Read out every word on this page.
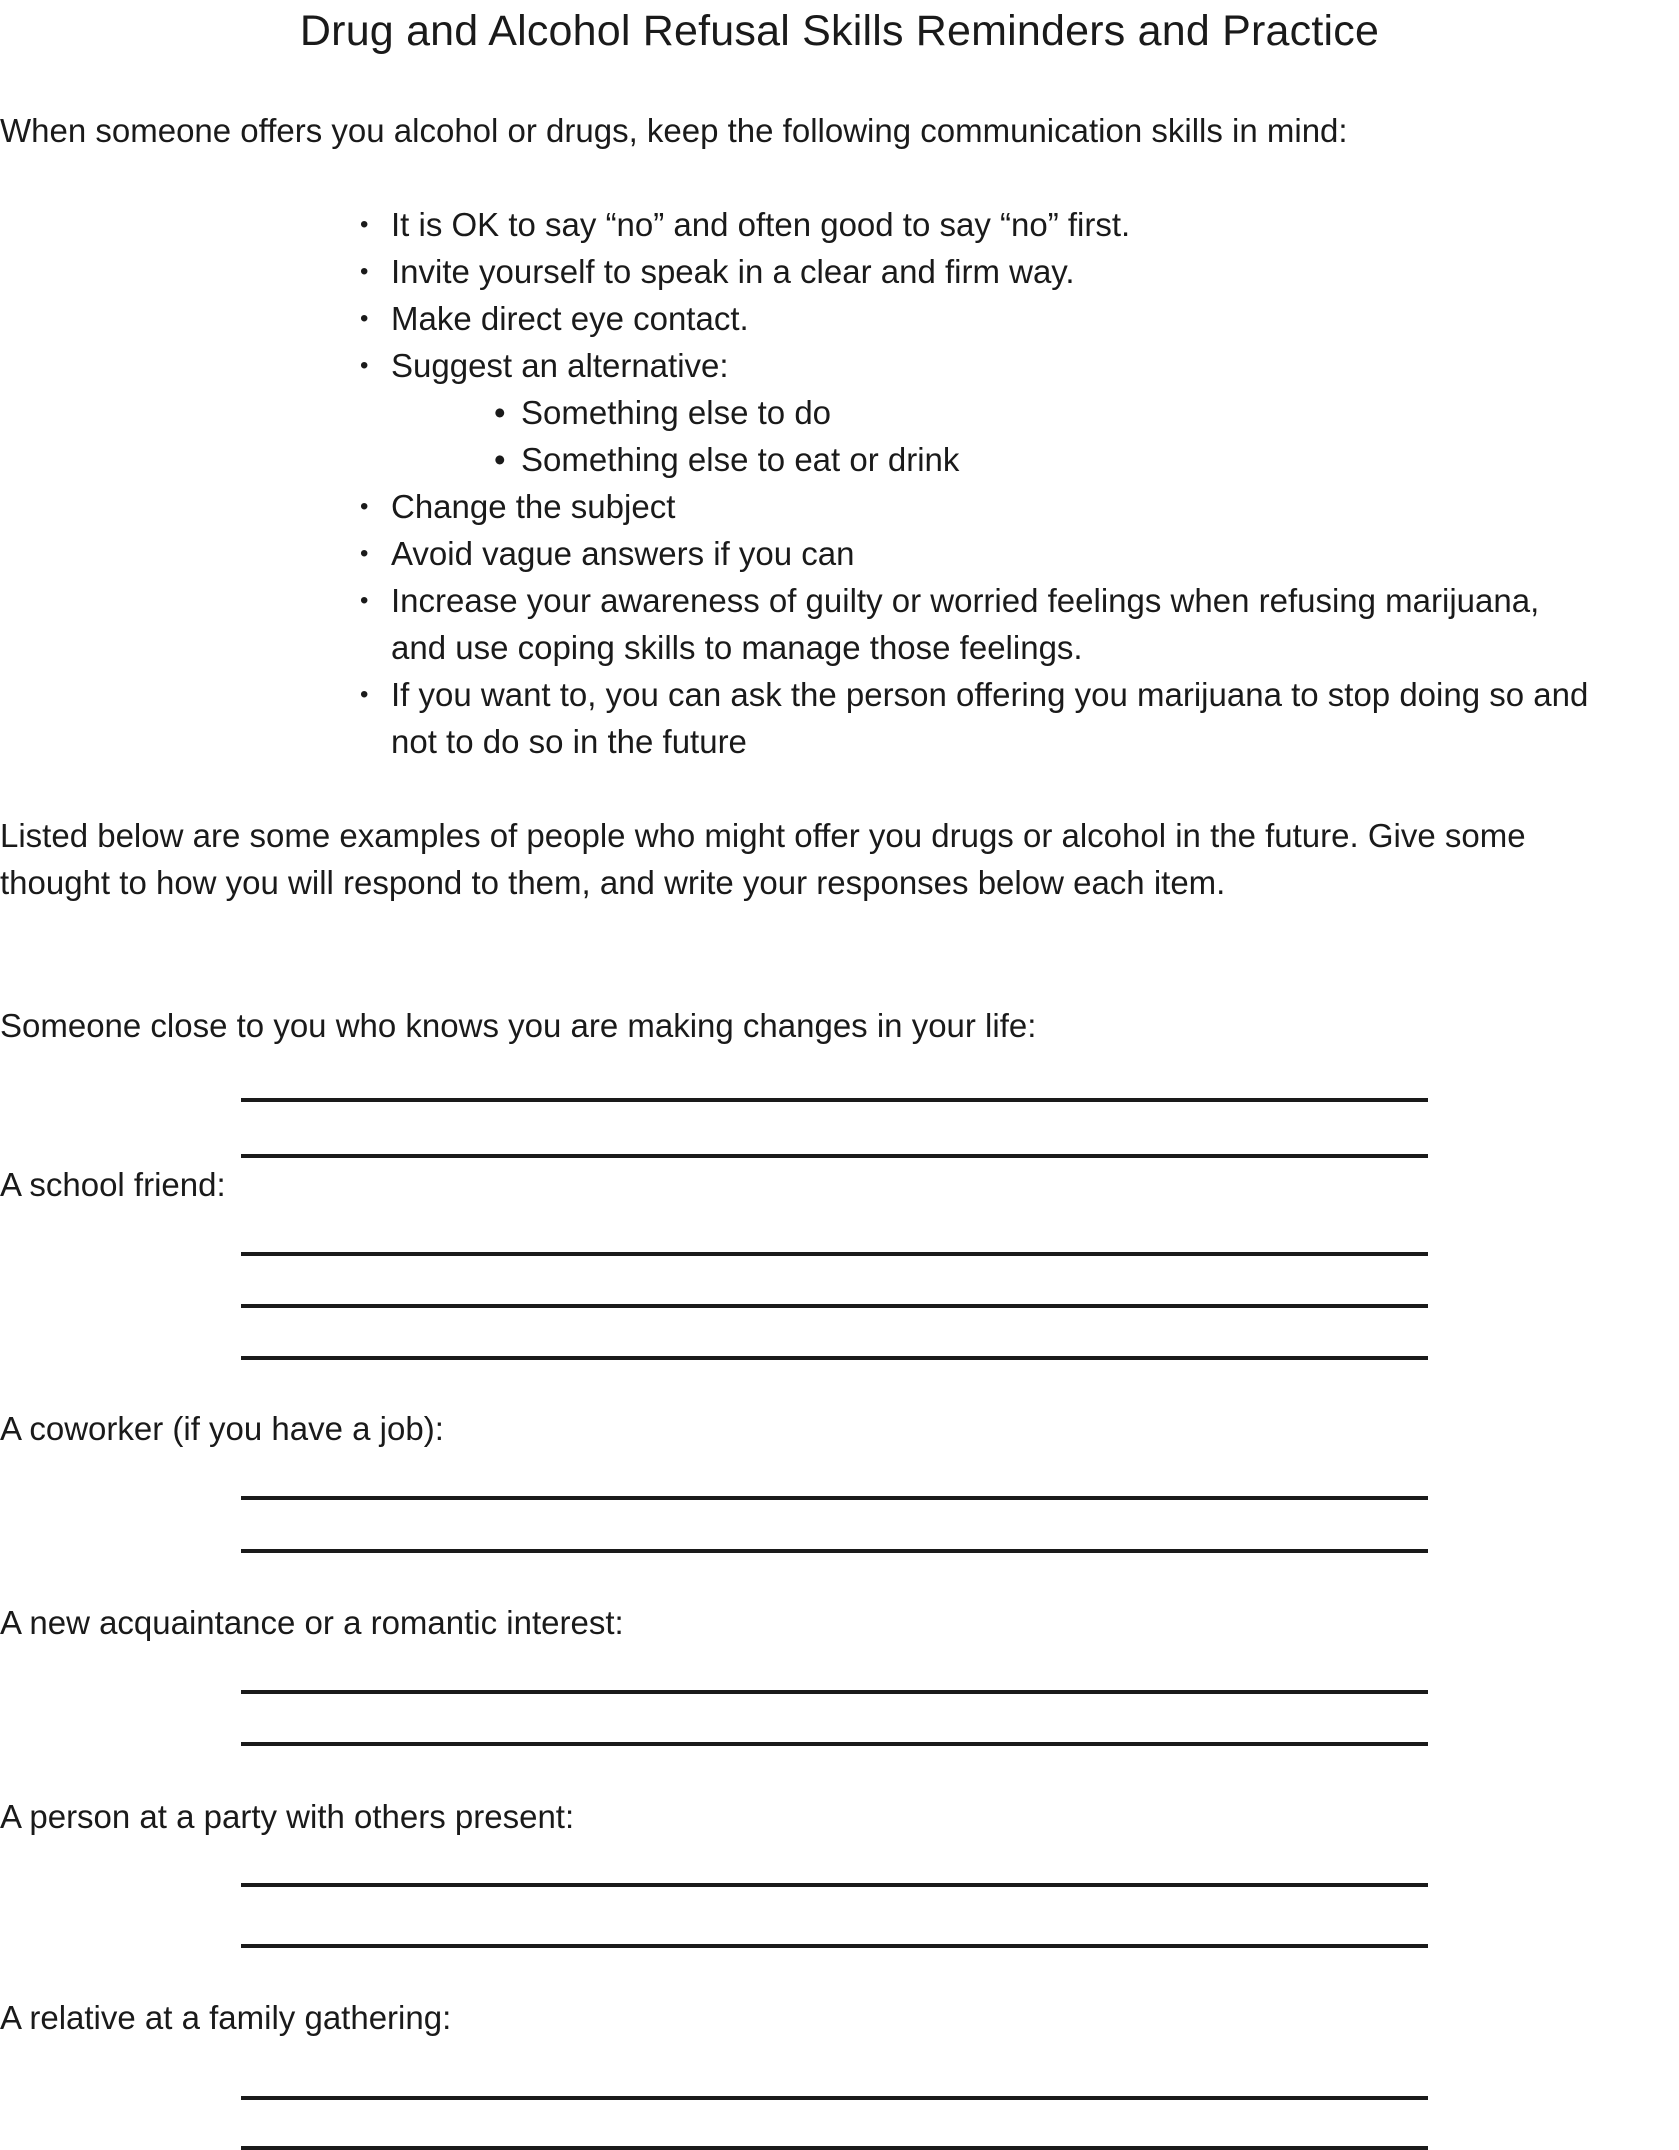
Drug and Alcohol Refusal Skills Reminders and Practice
When someone offers you alcohol or drugs, keep the following communication skills in mind:
• It is OK to say “no” and often good to say “no” first.
• Invite yourself to speak in a clear and firm way.
• Make direct eye contact.
• Suggest an alternative:
• Something else to do
• Something else to eat or drink
• Change the subject
• Avoid vague answers if you can
• Increase your awareness of guilty or worried feelings when refusing marijuana,
and use coping skills to manage those feelings.
• If you want to, you can ask the person offering you marijuana to stop doing so and
not to do so in the future
Listed below are some examples of people who might offer you drugs or alcohol in the future. Give some
thought to how you will respond to them, and write your responses below each item.
Someone close to you who knows you are making changes in your life:
A school friend:
A coworker (if you have a job):
A new acquaintance or a romantic interest:
A person at a party with others present:
A relative at a family gathering:
